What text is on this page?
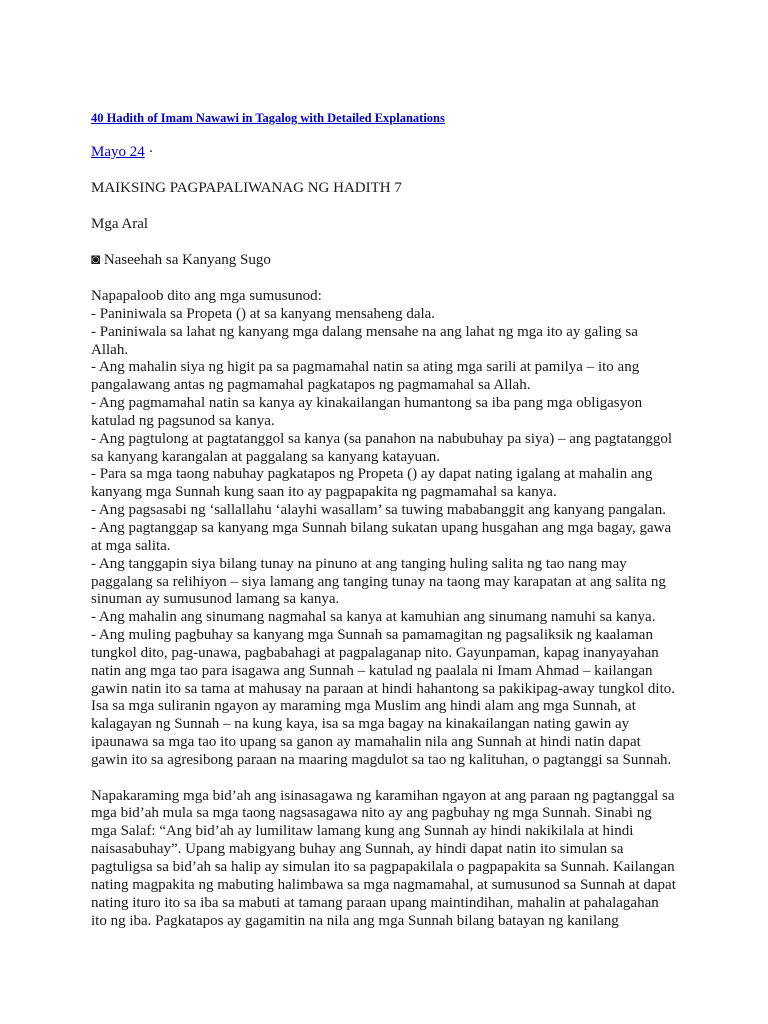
40 Hadith of Imam Nawawi in Tagalog with Detailed Explanations
Mayo 24 ·
MAIKSING PAGPAPALIWANAG NG HADITH 7
Mga Aral
◙ Naseehah sa Kanyang Sugo
Napapaloob dito ang mga sumusunod:
- Paniniwala sa Propeta () at sa kanyang mensaheng dala.
- Paniniwala sa lahat ng kanyang mga dalang mensahe na ang lahat ng mga ito ay galing sa
Allah.
- Ang mahalin siya ng higit pa sa pagmamahal natin sa ating mga sarili at pamilya – ito ang
pangalawang antas ng pagmamahal pagkatapos ng pagmamahal sa Allah.
- Ang pagmamahal natin sa kanya ay kinakailangan humantong sa iba pang mga obligasyon
katulad ng pagsunod sa kanya.
- Ang pagtulong at pagtatanggol sa kanya (sa panahon na nabubuhay pa siya) – ang pagtatanggol
sa kanyang karangalan at paggalang sa kanyang katayuan.
- Para sa mga taong nabuhay pagkatapos ng Propeta () ay dapat nating igalang at mahalin ang
kanyang mga Sunnah kung saan ito ay pagpapakita ng pagmamahal sa kanya.
- Ang pagsasabi ng ‘sallallahu ‘alayhi wasallam’ sa tuwing mababanggit ang kanyang pangalan.
- Ang pagtanggap sa kanyang mga Sunnah bilang sukatan upang husgahan ang mga bagay, gawa
at mga salita.
- Ang tanggapin siya bilang tunay na pinuno at ang tanging huling salita ng tao nang may
paggalang sa relihiyon – siya lamang ang tanging tunay na taong may karapatan at ang salita ng
sinuman ay sumusunod lamang sa kanya.
- Ang mahalin ang sinumang nagmahal sa kanya at kamuhian ang sinumang namuhi sa kanya.
- Ang muling pagbuhay sa kanyang mga Sunnah sa pamamagitan ng pagsaliksik ng kaalaman
tungkol dito, pag-unawa, pagbabahagi at pagpalaganap nito. Gayunpaman, kapag inanyayahan
natin ang mga tao para isagawa ang Sunnah – katulad ng paalala ni Imam Ahmad – kailangan
gawin natin ito sa tama at mahusay na paraan at hindi hahantong sa pakikipag-away tungkol dito.
Isa sa mga suliranin ngayon ay maraming mga Muslim ang hindi alam ang mga Sunnah, at
kalagayan ng Sunnah – na kung kaya, isa sa mga bagay na kinakailangan nating gawin ay
ipaunawa sa mga tao ito upang sa ganon ay mamahalin nila ang Sunnah at hindi natin dapat
gawin ito sa agresibong paraan na maaring magdulot sa tao ng kalituhan, o pagtanggi sa Sunnah.
Napakaraming mga bid’ah ang isinasagawa ng karamihan ngayon at ang paraan ng pagtanggal sa
mga bid’ah mula sa mga taong nagsasagawa nito ay ang pagbuhay ng mga Sunnah. Sinabi ng
mga Salaf: “Ang bid’ah ay lumilitaw lamang kung ang Sunnah ay hindi nakikilala at hindi
naisasabuhay”. Upang mabigyang buhay ang Sunnah, ay hindi dapat natin ito simulan sa
pagtuligsa sa bid’ah sa halip ay simulan ito sa pagpapakilala o pagpapakita sa Sunnah. Kailangan
nating magpakita ng mabuting halimbawa sa mga nagmamahal, at sumusunod sa Sunnah at dapat
nating ituro ito sa iba sa mabuti at tamang paraan upang maintindihan, mahalin at pahalagahan
ito ng iba. Pagkatapos ay gagamitin na nila ang mga Sunnah bilang batayan ng kanilang
